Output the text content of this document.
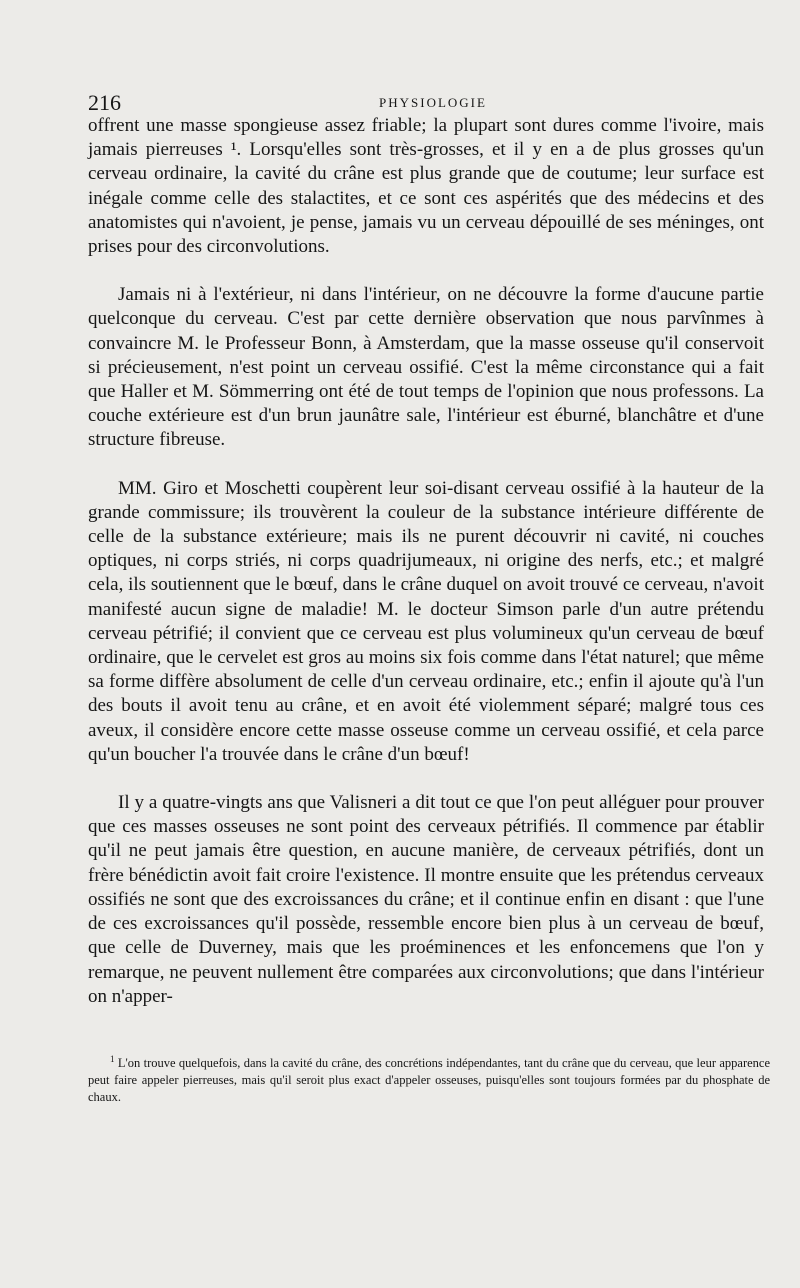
216	PHYSIOLOGIE

offrent une masse spongieuse assez friable; la plupart sont dures comme l'ivoire, mais jamais pierreuses ¹. Lorsqu'elles sont très-grosses, et il y en a de plus grosses qu'un cerveau ordinaire, la cavité du crâne est plus grande que de coutume; leur surface est inégale comme celle des stalactites, et ce sont ces aspérités que des médecins et des anatomistes qui n'avoient, je pense, jamais vu un cerveau dépouillé de ses méninges, ont prises pour des circonvolutions.

Jamais ni à l'extérieur, ni dans l'intérieur, on ne découvre la forme d'aucune partie quelconque du cerveau. C'est par cette dernière observation que nous parvînmes à convaincre M. le Professeur Bonn, à Amsterdam, que la masse osseuse qu'il conservoit si précieusement, n'est point un cerveau ossifié. C'est la même circonstance qui a fait que Haller et M. Sömmerring ont été de tout temps de l'opinion que nous professons. La couche extérieure est d'un brun jaunâtre sale, l'intérieur est éburné, blanchâtre et d'une structure fibreuse.

MM. Giro et Moschetti coupèrent leur soi-disant cerveau ossifié à la hauteur de la grande commissure; ils trouvèrent la couleur de la substance intérieure différente de celle de la substance extérieure; mais ils ne purent découvrir ni cavité, ni couches optiques, ni corps striés, ni corps quadrijumeaux, ni origine des nerfs, etc.; et malgré cela, ils soutiennent que le bœuf, dans le crâne duquel on avoit trouvé ce cerveau, n'avoit manifesté aucun signe de maladie! M. le docteur Simson parle d'un autre prétendu cerveau pétrifié; il convient que ce cerveau est plus volumineux qu'un cerveau de bœuf ordinaire, que le cervelet est gros au moins six fois comme dans l'état naturel; que même sa forme diffère absolument de celle d'un cerveau ordinaire, etc.; enfin il ajoute qu'à l'un des bouts il avoit tenu au crâne, et en avoit été violemment séparé; malgré tous ces aveux, il considère encore cette masse osseuse comme un cerveau ossifié, et cela parce qu'un boucher l'a trouvée dans le crâne d'un bœuf!

Il y a quatre-vingts ans que Valisneri a dit tout ce que l'on peut alléguer pour prouver que ces masses osseuses ne sont point des cerveaux pétrifiés. Il commence par établir qu'il ne peut jamais être question, en aucune manière, de cerveaux pétrifiés, dont un frère bénédictin avoit fait croire l'existence. Il montre ensuite que les prétendus cerveaux ossifiés ne sont que des excroissances du crâne; et il continue enfin en disant : que l'une de ces excroissances qu'il possède, ressemble encore bien plus à un cerveau de bœuf, que celle de Duverney, mais que les proéminences et les enfoncemens que l'on y remarque, ne peuvent nullement être comparées aux circonvolutions; que dans l'intérieur on n'apper-

$^1$ L'on trouve quelquefois, dans la cavité du crâne, des concrétions indépendantes, tant du crâne que du cerveau, que leur apparence peut faire appeler pierreuses, mais qu'il seroit plus exact d'appeler osseuses, puisqu'elles sont toujours formées par du phosphate de chaux.
